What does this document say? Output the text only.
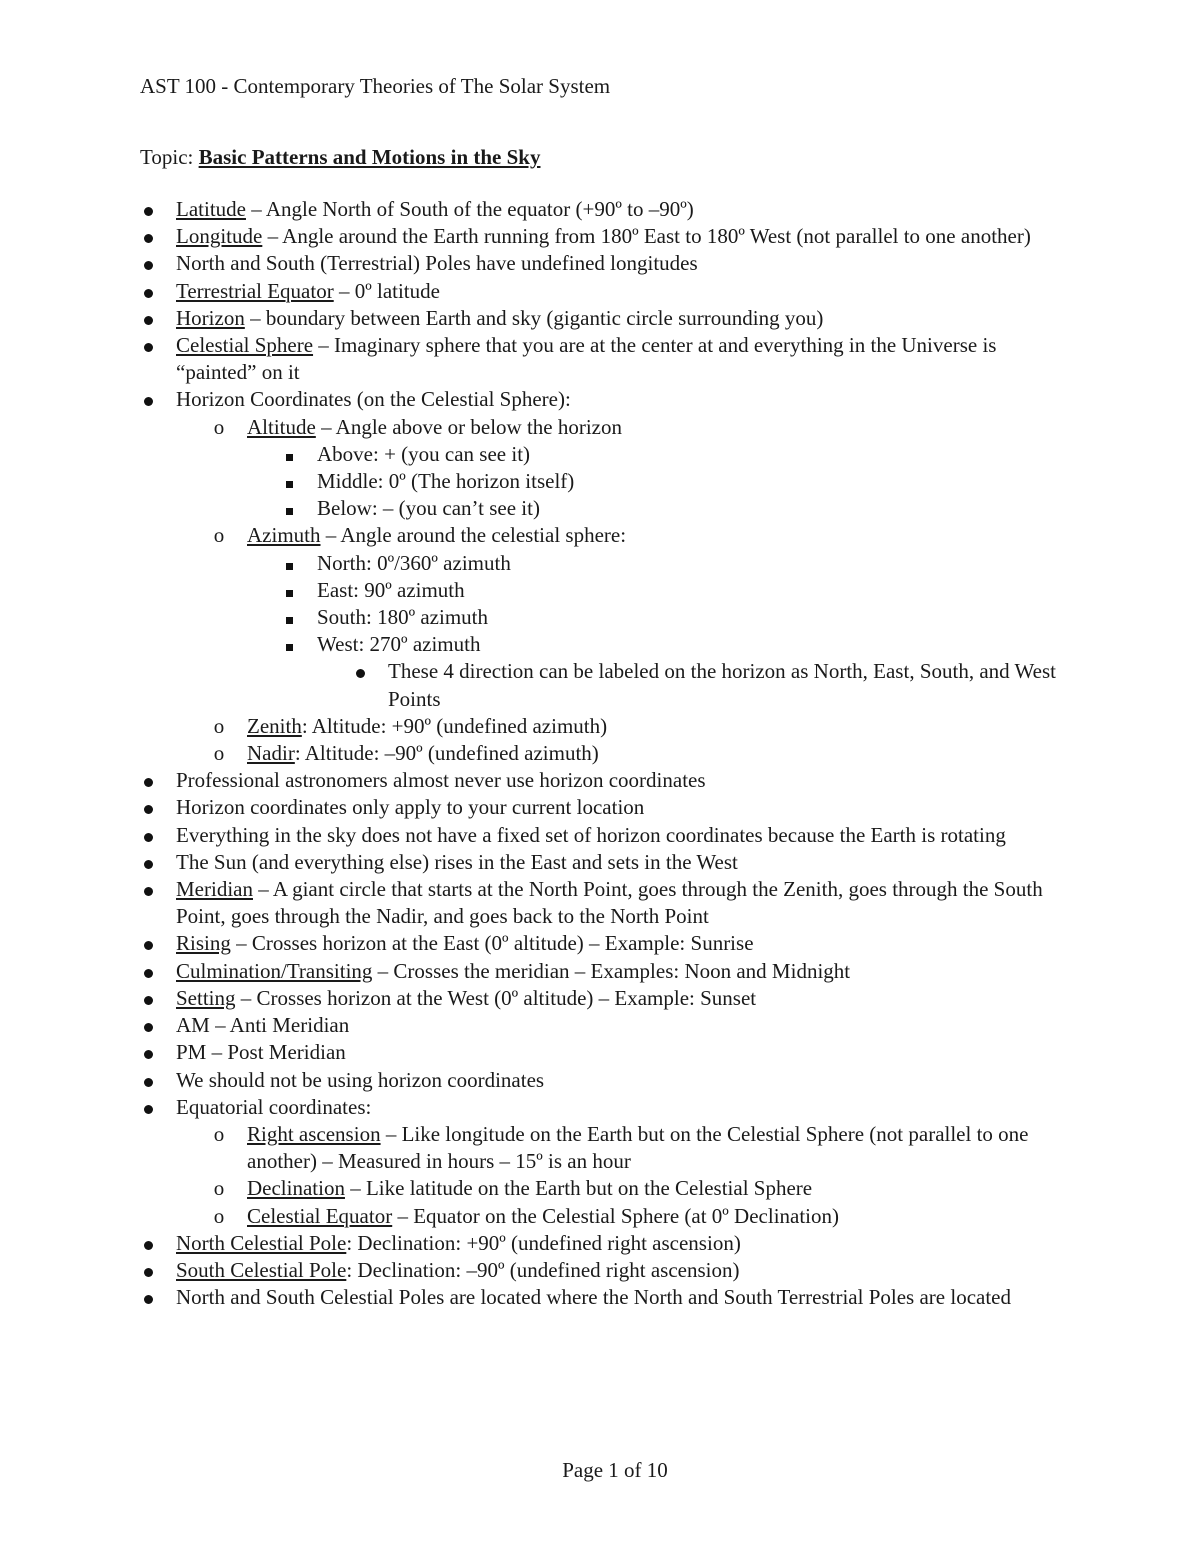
AST 100 - Contemporary Theories of The Solar System
Topic: Basic Patterns and Motions in the Sky
Latitude – Angle North of South of the equator (+90º to –90º)
Longitude – Angle around the Earth running from 180º East to 180º West (not parallel to one another)
North and South (Terrestrial) Poles have undefined longitudes
Terrestrial Equator – 0º latitude
Horizon – boundary between Earth and sky (gigantic circle surrounding you)
Celestial Sphere – Imaginary sphere that you are at the center at and everything in the Universe is “painted” on it
Horizon Coordinates (on the Celestial Sphere):
o Altitude – Angle above or below the horizon
Above: + (you can see it)
Middle: 0º (The horizon itself)
Below: – (you can’t see it)
o Azimuth – Angle around the celestial sphere:
North: 0º/360º azimuth
East: 90º azimuth
South: 180º azimuth
West: 270º azimuth
These 4 direction can be labeled on the horizon as North, East, South, and West Points
o Zenith: Altitude: +90º (undefined azimuth)
o Nadir: Altitude: –90º (undefined azimuth)
Professional astronomers almost never use horizon coordinates
Horizon coordinates only apply to your current location
Everything in the sky does not have a fixed set of horizon coordinates because the Earth is rotating
The Sun (and everything else) rises in the East and sets in the West
Meridian – A giant circle that starts at the North Point, goes through the Zenith, goes through the South Point, goes through the Nadir, and goes back to the North Point
Rising – Crosses horizon at the East (0º altitude) – Example: Sunrise
Culmination/Transiting – Crosses the meridian – Examples: Noon and Midnight
Setting – Crosses horizon at the West (0º altitude) – Example: Sunset
AM – Anti Meridian
PM – Post Meridian
We should not be using horizon coordinates
Equatorial coordinates:
o Right ascension – Like longitude on the Earth but on the Celestial Sphere (not parallel to one another) – Measured in hours – 15º is an hour
o Declination – Like latitude on the Earth but on the Celestial Sphere
o Celestial Equator – Equator on the Celestial Sphere (at 0º Declination)
North Celestial Pole: Declination: +90º (undefined right ascension)
South Celestial Pole: Declination: –90º (undefined right ascension)
North and South Celestial Poles are located where the North and South Terrestrial Poles are located
Page 1 of 10
